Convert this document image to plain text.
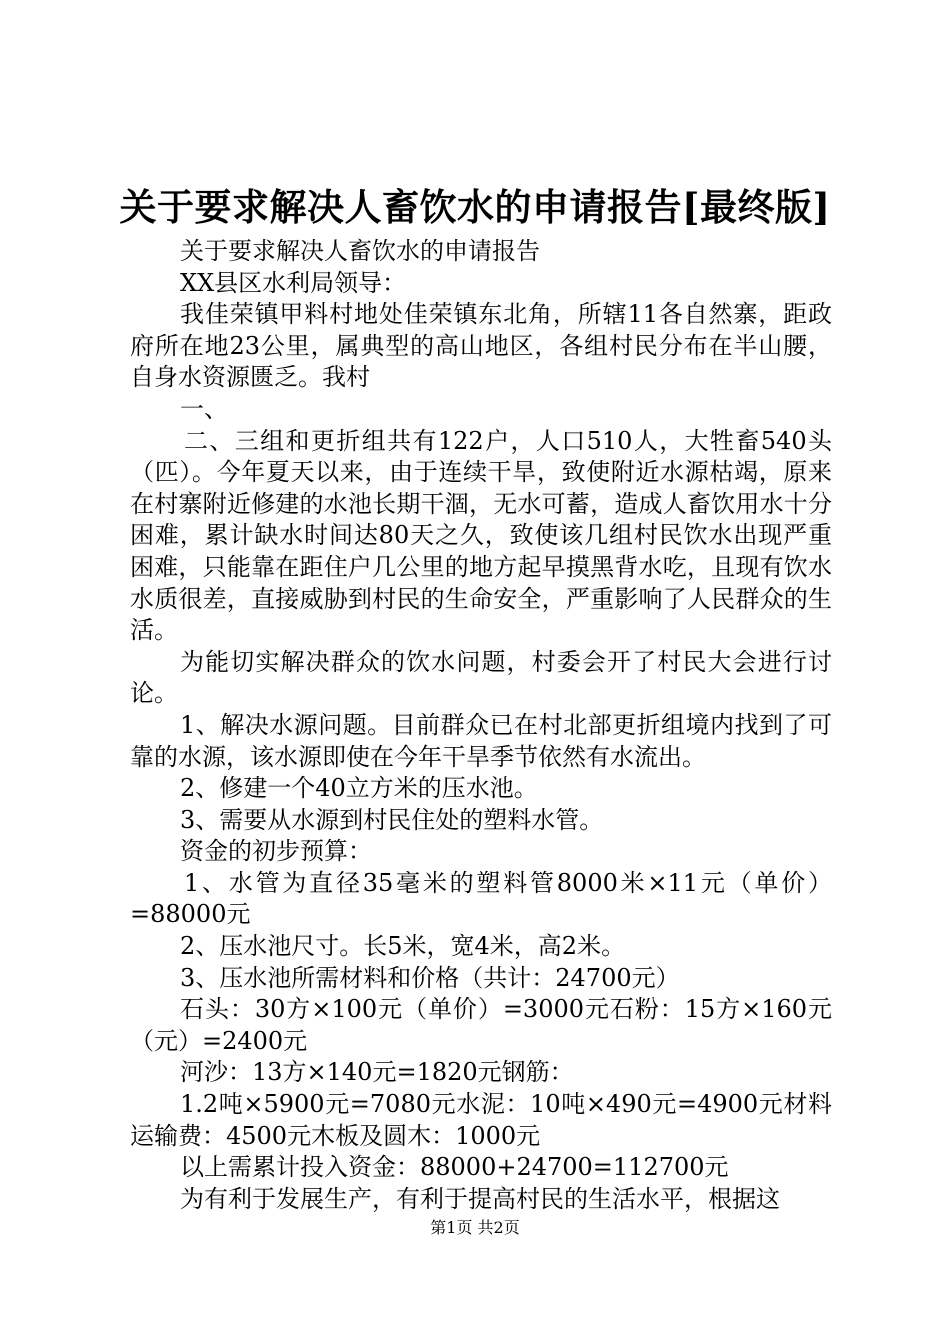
关于要求解决人畜饮水的申请报告[最终版]

关于要求解决人畜饮水的申请报告

XX县区水利局领导：

我佳荣镇甲料村地处佳荣镇东北角，所辖11各自然寨，距政府所在地23公里，属典型的高山地区，各组村民分布在半山腰，自身水资源匮乏。我村

一、

二、三组和更折组共有122户，人口510人，大牲畜540头（匹）。今年夏天以来，由于连续干旱，致使附近水源枯竭，原来在村寨附近修建的水池长期干涸，无水可蓄，造成人畜饮用水十分困难，累计缺水时间达80天之久，致使该几组村民饮水出现严重困难，只能靠在距住户几公里的地方起早摸黑背水吃，且现有饮水水质很差，直接威胁到村民的生命安全，严重影响了人民群众的生活。

为能切实解决群众的饮水问题，村委会开了村民大会进行讨论。

1、解决水源问题。目前群众已在村北部更折组境内找到了可靠的水源，该水源即使在今年干旱季节依然有水流出。

2、修建一个40立方米的压水池。

3、需要从水源到村民住处的塑料水管。

资金的初步预算：

1、水管为直径35毫米的塑料管8000米×11元（单价）=88000元

2、压水池尺寸。长5米，宽4米，高2米。

3、压水池所需材料和价格（共计：24700元）

石头：30方×100元（单价）=3000元石粉：15方×160元（元）=2400元

河沙：13方×140元=1820元钢筋：

1.2吨×5900元=7080元水泥：10吨×490元=4900元材料运输费：4500元木板及圆木：1000元

以上需累计投入资金：88000+24700=112700元

为有利于发展生产，有利于提高村民的生活水平，根据这

第1页 共2页
